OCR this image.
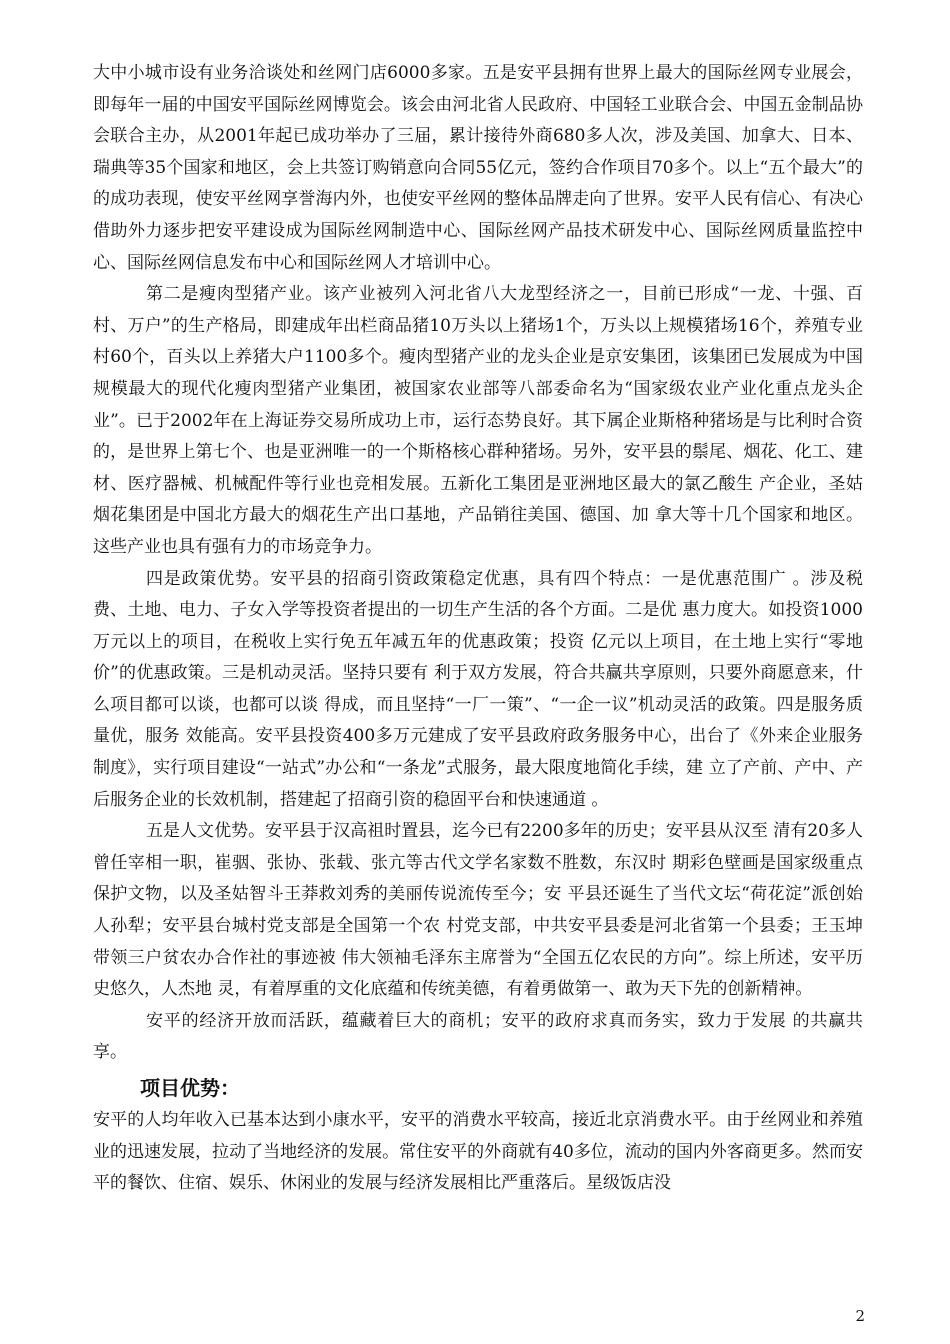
大中小城市设有业务洽谈处和丝网门店6000多家。五是安平县拥有世界上最大的国际丝网专业展会，即每年一届的中国安平国际丝网博览会。该会由河北省人民政府、中国轻工业联合会、中国五金制品协会联合主办，从2001年起已成功举办了三届，累计接待外商680多人次，涉及美国、加拿大、日本、瑞典等35个国家和地区，会上共签订购销意向合同55亿元，签约合作项目70多个。以上“五个最大”的的成功表现，使安平丝网享誉海内外，也使安平丝网的整体品牌走向了世界。安平人民有信心、有决心借助外力逐步把安平建设成为国际丝网制造中心、国际丝网产品技术研发中心、国际丝网质量监控中心、国际丝网信息发布中心和国际丝网人才培训中心。

第二是瘦肉型猪产业。该产业被列入河北省八大龙型经济之一，目前已形成“一龙、十强、百村、万户”的生产格局，即建成年出栏商品猪10万头以上猪场1个，万头以上规模猪场16个，养殖专业村60个，百头以上养猪大户1100多个。瘦肉型猪产业的龙头企业是京安集团，该集团已发展成为中国规模最大的现代化瘦肉型猪产业集团，被国家农业部等八部委命名为“国家级农业产业化重点龙头企业”。已于2002年在上海证券交易所成功上市，运行态势良好。其下属企业斯格种猪场是与比利时合资的，是世界上第七个、也是亚洲唯一的一个斯格核心群种猪场。另外，安平县的鬃尾、烟花、化工、建 材、医疗器械、机械配件等行业也竞相发展。五新化工集团是亚洲地区最大的氯乙酸生 产企业，圣姑烟花集团是中国北方最大的烟花生产出口基地，产品销往美国、德国、加 拿大等十几个国家和地区。这些产业也具有强有力的市场竞争力。

四是政策优势。安平县的招商引资政策稳定优惠，具有四个特点：一是优惠范围广 。涉及税费、土地、电力、子女入学等投资者提出的一切生产生活的各个方面。二是优 惠力度大。如投资1000万元以上的项目，在税收上实行免五年减五年的优惠政策；投资 亿元以上项目，在土地上实行“零地价”的优惠政策。三是机动灵活。坚持只要有 利于双方发展，符合共赢共享原则，只要外商愿意来，什么项目都可以谈，也都可以谈 得成，而且坚持“一厂一策”、“一企一议”机动灵活的政策。四是服务质量优，服务 效能高。安平县投资400多万元建成了安平县政府政务服务中心，出台了《外来企业服务 制度》，实行项目建设“一站式”办公和“一条龙”式服务，最大限度地简化手续，建 立了产前、产中、产后服务企业的长效机制，搭建起了招商引资的稳固平台和快速通道 。

五是人文优势。安平县于汉高祖时置县，迄今已有2200多年的历史；安平县从汉至 清有20多人曾任宰相一职，崔骃、张协、张载、张亢等古代文学名家数不胜数，东汉时 期彩色壁画是国家级重点保护文物，以及圣姑智斗王莽救刘秀的美丽传说流传至今；安 平县还诞生了当代文坛“荷花淀”派创始人孙犁；安平县台城村党支部是全国第一个农 村党支部，中共安平县委是河北省第一个县委；王玉坤带领三户贫农办合作社的事迹被 伟大领袖毛泽东主席誉为“全国五亿农民的方向”。综上所述，安平历史悠久，人杰地 灵，有着厚重的文化底蕴和传统美德，有着勇做第一、敢为天下先的创新精神。

安平的经济开放而活跃，蕴藏着巨大的商机；安平的政府求真而务实，致力于发展 的共赢共享。

项目优势：

安平的人均年收入已基本达到小康水平，安平的消费水平较高，接近北京消费水平。由于丝网业和养殖业的迅速发展，拉动了当地经济的发展。常住安平的外商就有40多位，流动的国内外客商更多。然而安平的餐饮、住宿、娱乐、休闲业的发展与经济发展相比严重落后。星级饭店没

2
